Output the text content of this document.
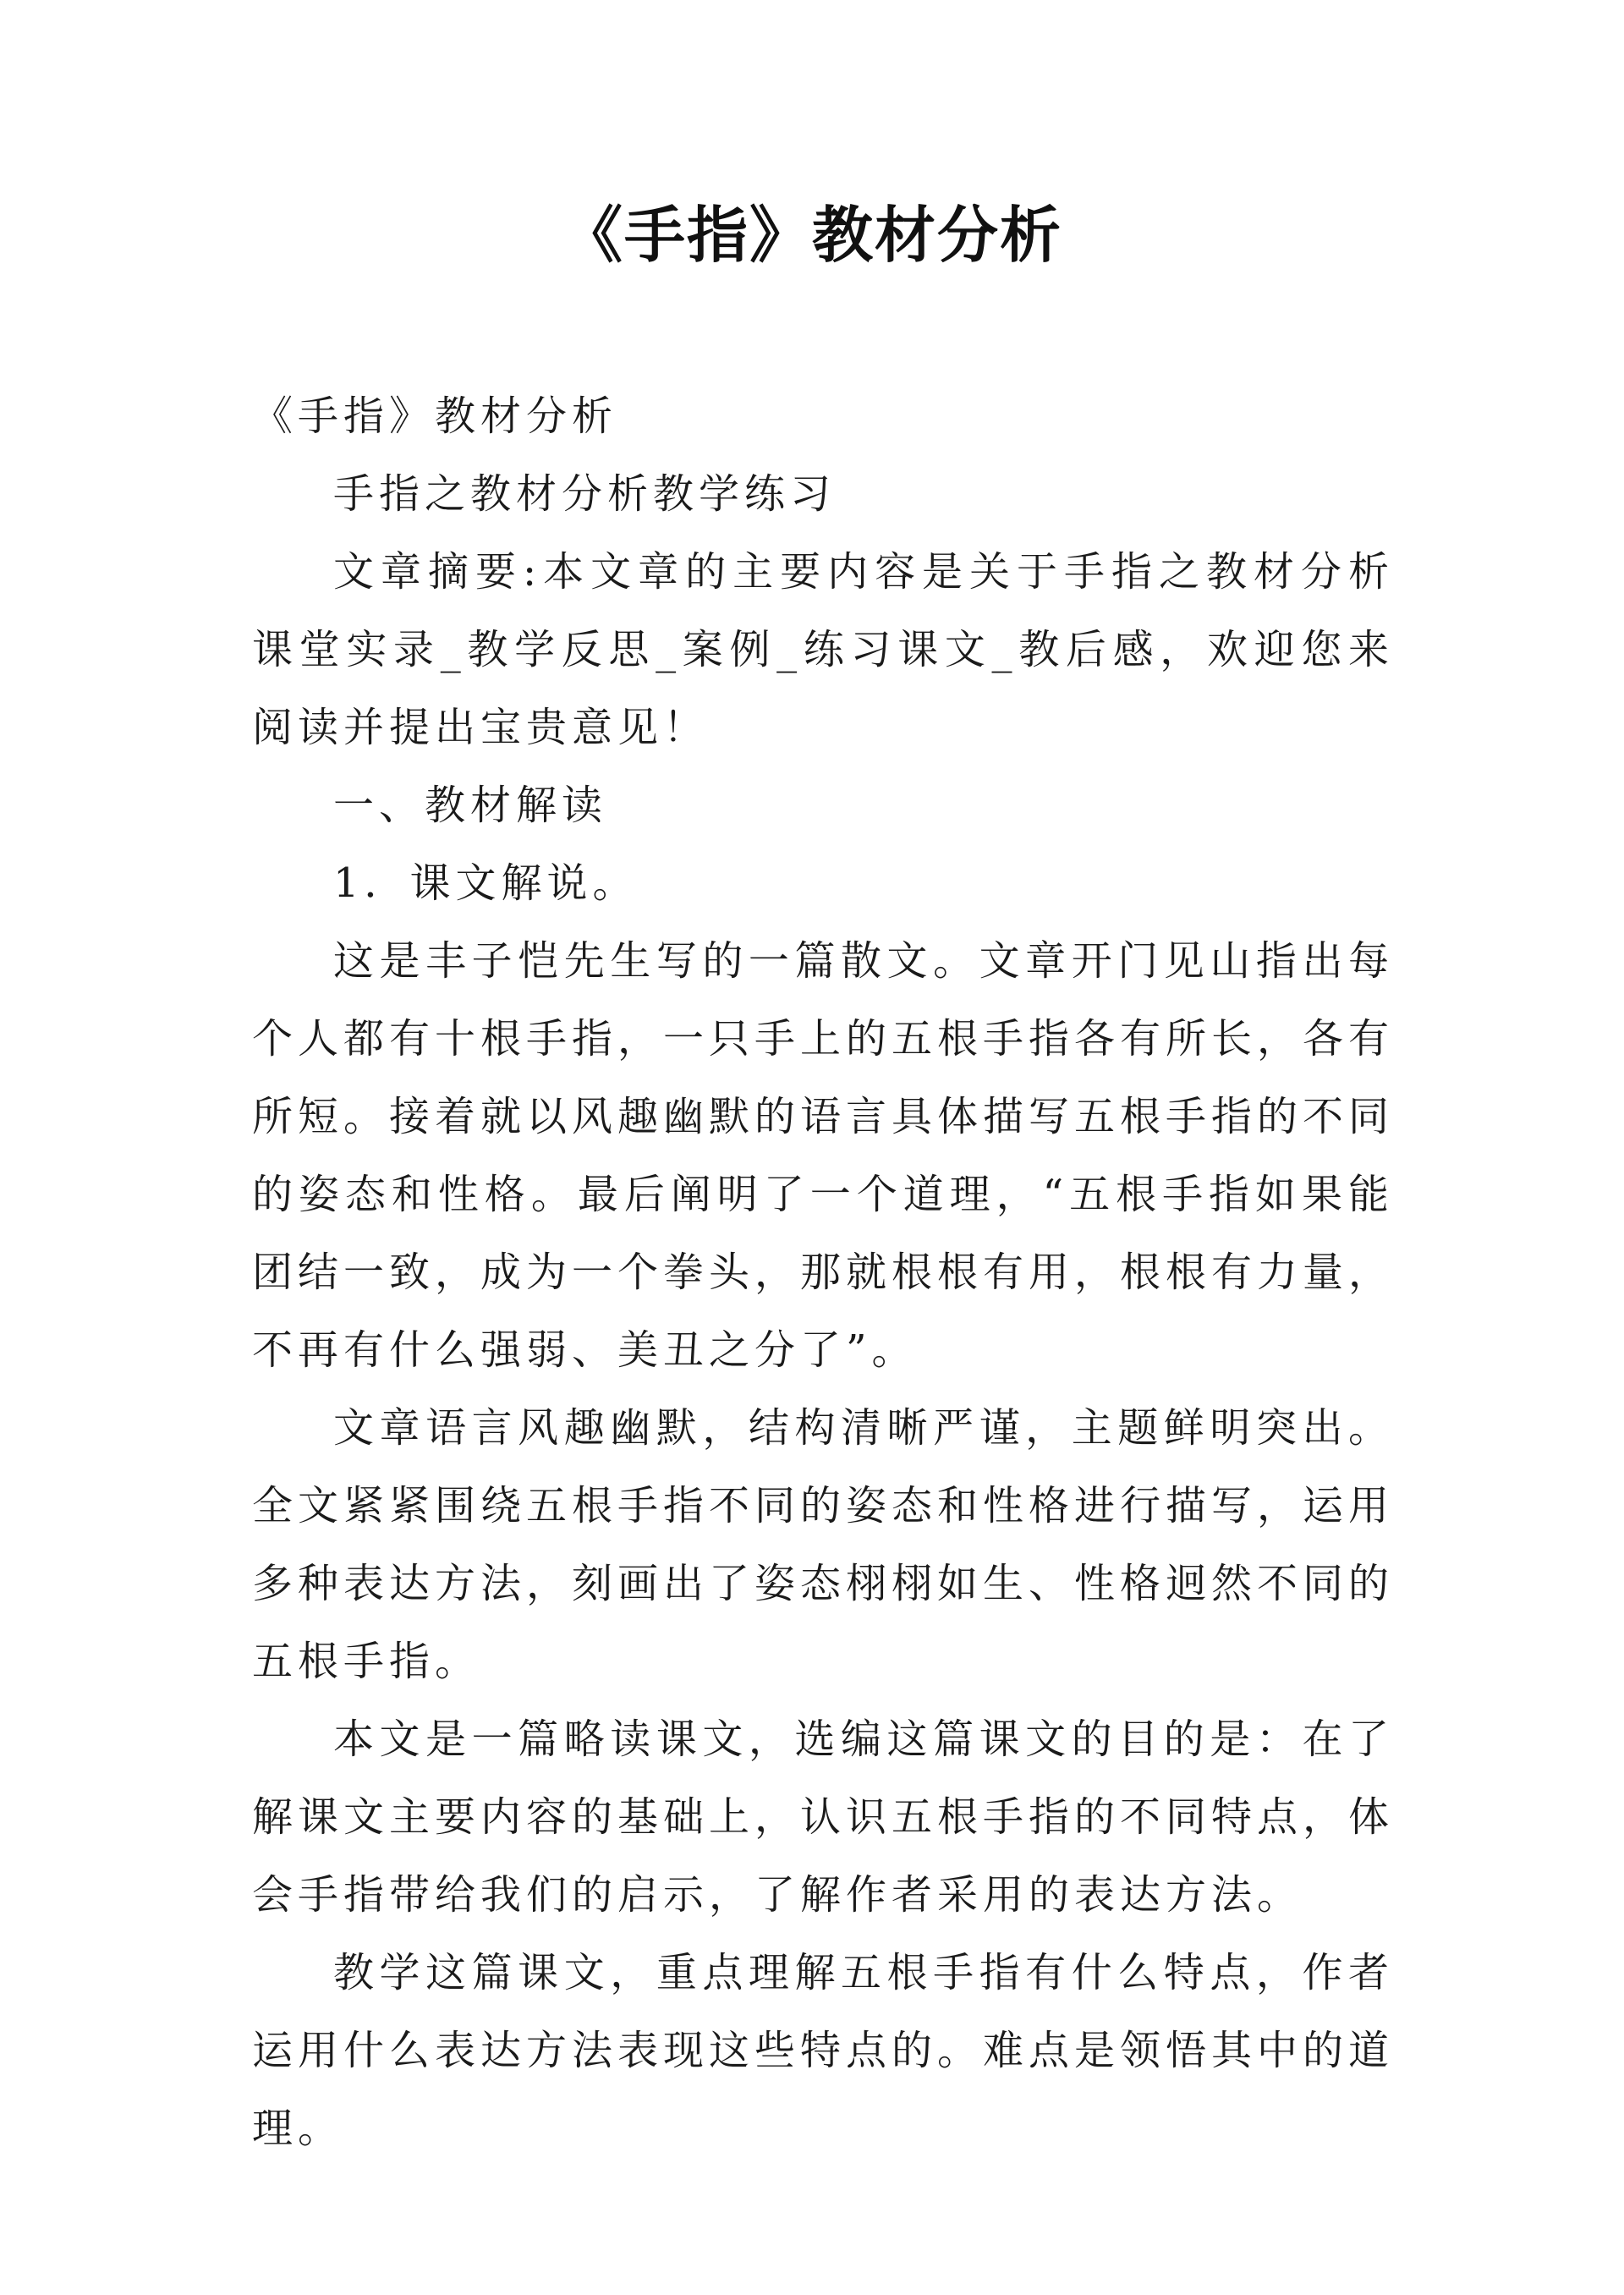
《手指》教材分析

《手指》教材分析

手指之教材分析教学练习

文章摘要:本文章的主要内容是关于手指之教材分析课堂实录_教学反思_案例_练习课文_教后感，欢迎您来阅读并提出宝贵意见！

一、教材解读

1．课文解说。

这是丰子恺先生写的一篇散文。文章开门见山指出每个人都有十根手指，一只手上的五根手指各有所长，各有所短。接着就以风趣幽默的语言具体描写五根手指的不同的姿态和性格。最后阐明了一个道理，“五根手指如果能团结一致，成为一个拳头，那就根根有用，根根有力量，不再有什么强弱、美丑之分了”。

文章语言风趣幽默，结构清晰严谨，主题鲜明突出。全文紧紧围绕五根手指不同的姿态和性格进行描写，运用多种表达方法，刻画出了姿态栩栩如生、性格迥然不同的五根手指。

本文是一篇略读课文，选编这篇课文的目的是：在了解课文主要内容的基础上，认识五根手指的不同特点，体会手指带给我们的启示，了解作者采用的表达方法。

教学这篇课文，重点理解五根手指有什么特点，作者运用什么表达方法表现这些特点的。难点是领悟其中的道理。
